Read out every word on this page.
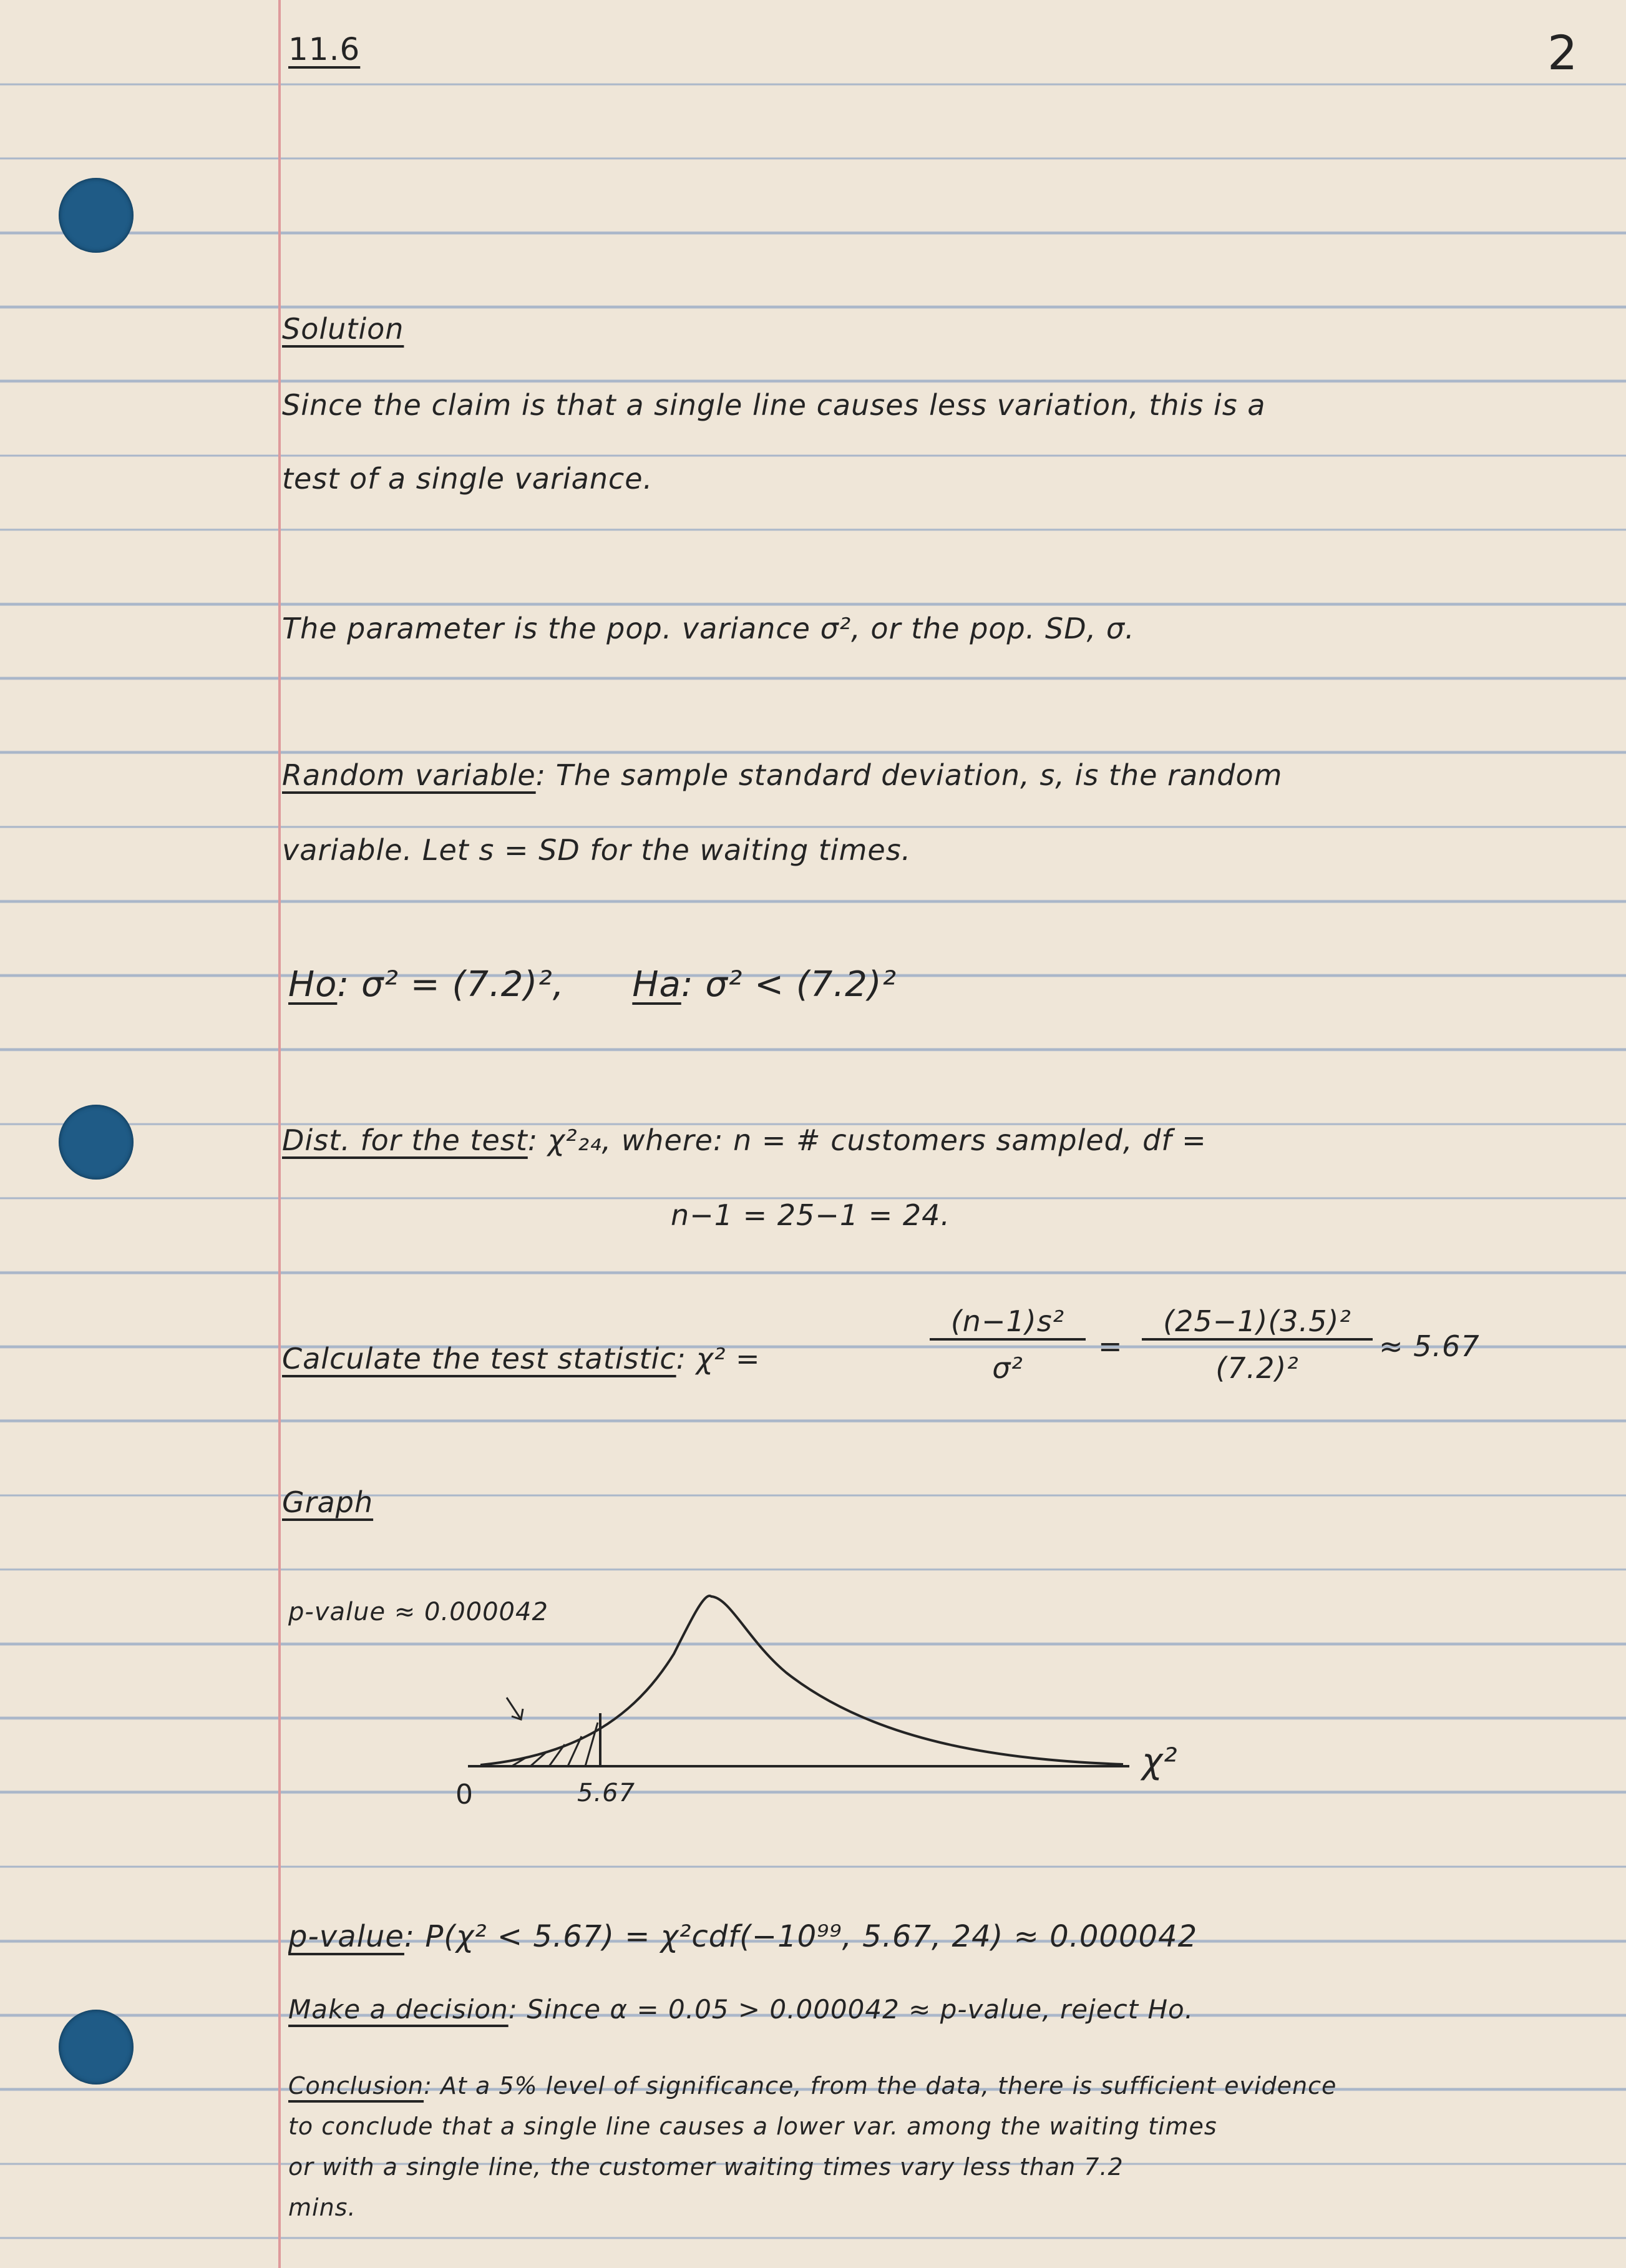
11.6	2
Solution
Since the claim is that a single line causes less variation, this is a
test of a single variance.
The parameter is the pop. variance σ², or the pop. SD, σ.
Random variable: The sample standard deviation, s, is the random
variable. Let s = SD for the waiting times.
Ho: σ² = (7.2)², Ha: σ² < (7.2)²
Dist. for the test: χ²₂₄, where: n = # customers sampled, df =
n−1 = 25−1 = 24.
Calculate the test statistic: χ² =
(n−1)s²
σ²
=
(25−1)(3.5)²
(7.2)²
≈ 5.67
Graph
p-value ≈ 0.000042
0	5.67
χ²
p-value: P(χ² < 5.67) = χ²cdf(−10⁹⁹, 5.67, 24) ≈ 0.000042
Make a decision: Since α = 0.05 > 0.000042 ≈ p-value, reject Ho.
Conclusion: At a 5% level of significance, from the data, there is sufficient evidence
to conclude that a single line causes a lower var. among the waiting times
or with a single line, the customer waiting times vary less than 7.2
mins.
